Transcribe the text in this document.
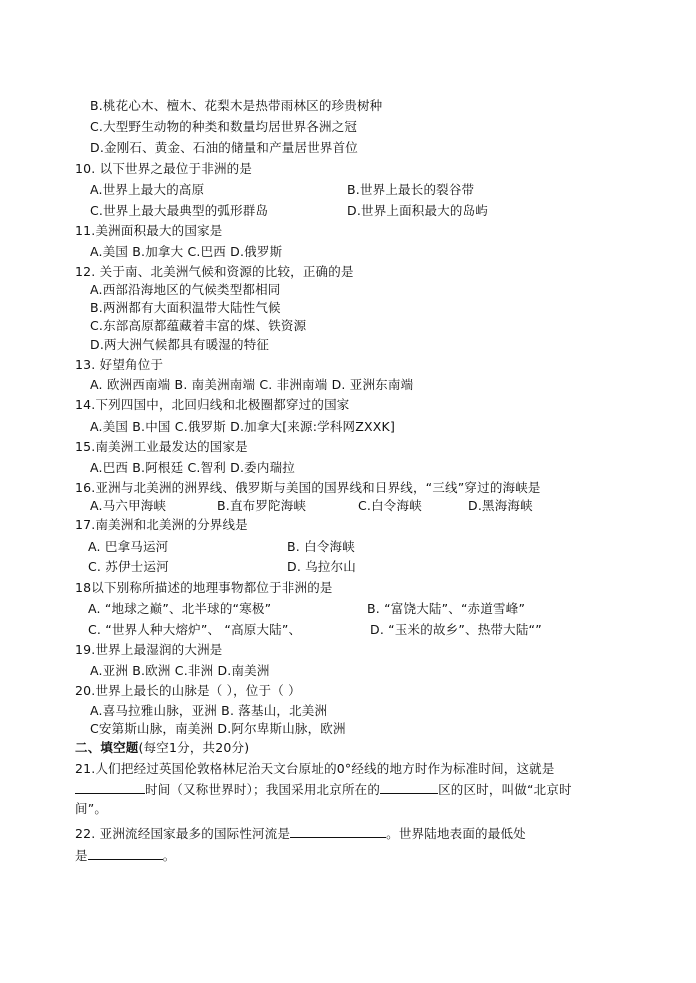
B.桃花心木、檀木、花梨木是热带雨林区的珍贵树种
C.大型野生动物的种类和数量均居世界各洲之冠
D.金刚石、黄金、石油的储量和产量居世界首位
10. 以下世界之最位于非洲的是
A.世界上最大的高原	B.世界上最长的裂谷带
C.世界上最大最典型的弧形群岛	D.世界上面积最大的岛屿
11.美洲面积最大的国家是
A.美国 B.加拿大 C.巴西 D.俄罗斯
12. 关于南、北美洲气候和资源的比较，正确的是
A.西部沿海地区的气候类型都相同
B.两洲都有大面积温带大陆性气候
C.东部高原都蕴藏着丰富的煤、铁资源
D.两大洲气候都具有暖湿的特征
13. 好望角位于
A. 欧洲西南端 B. 南美洲南端 C. 非洲南端 D. 亚洲东南端
14.下列四国中，北回归线和北极圈都穿过的国家
A.美国 B.中国 C.俄罗斯 D.加拿大[来源:学科网ZXXK]
15.南美洲工业最发达的国家是
A.巴西 B.阿根廷 C.智利 D.委内瑞拉
16.亚洲与北美洲的洲界线、俄罗斯与美国的国界线和日界线，“三线”穿过的海峡是
A.马六甲海峡	B.直布罗陀海峡	C.白令海峡	D.黑海海峡
17.南美洲和北美洲的分界线是
A. 巴拿马运河	B. 白令海峡
C. 苏伊士运河	D. 乌拉尔山
18以下别称所描述的地理事物都位于非洲的是
A. “地球之巅”、北半球的“寒极”	B. “富饶大陆”、“赤道雪峰”
C. “世界人种大熔炉”、 “高原大陆”、	D. “玉米的故乡”、热带大陆“”
19.世界上最湿润的大洲是
A.亚洲 B.欧洲 C.非洲 D.南美洲
20.世界上最长的山脉是（ ），位于（ ）
A.喜马拉雅山脉，亚洲 B. 落基山，北美洲
C安第斯山脉，南美洲 D.阿尔卑斯山脉，欧洲
二、填空题(每空1分，共20分)
21.人们把经过英国伦敦格林尼治天文台原址的0°经线的地方时作为标准时间，这就是
时间（又称世界时）；我国采用北京所在的	区的区时，叫做“北京时
间”。
22. 亚洲流经国家最多的国际性河流是	。世界陆地表面的最低处
是	。
